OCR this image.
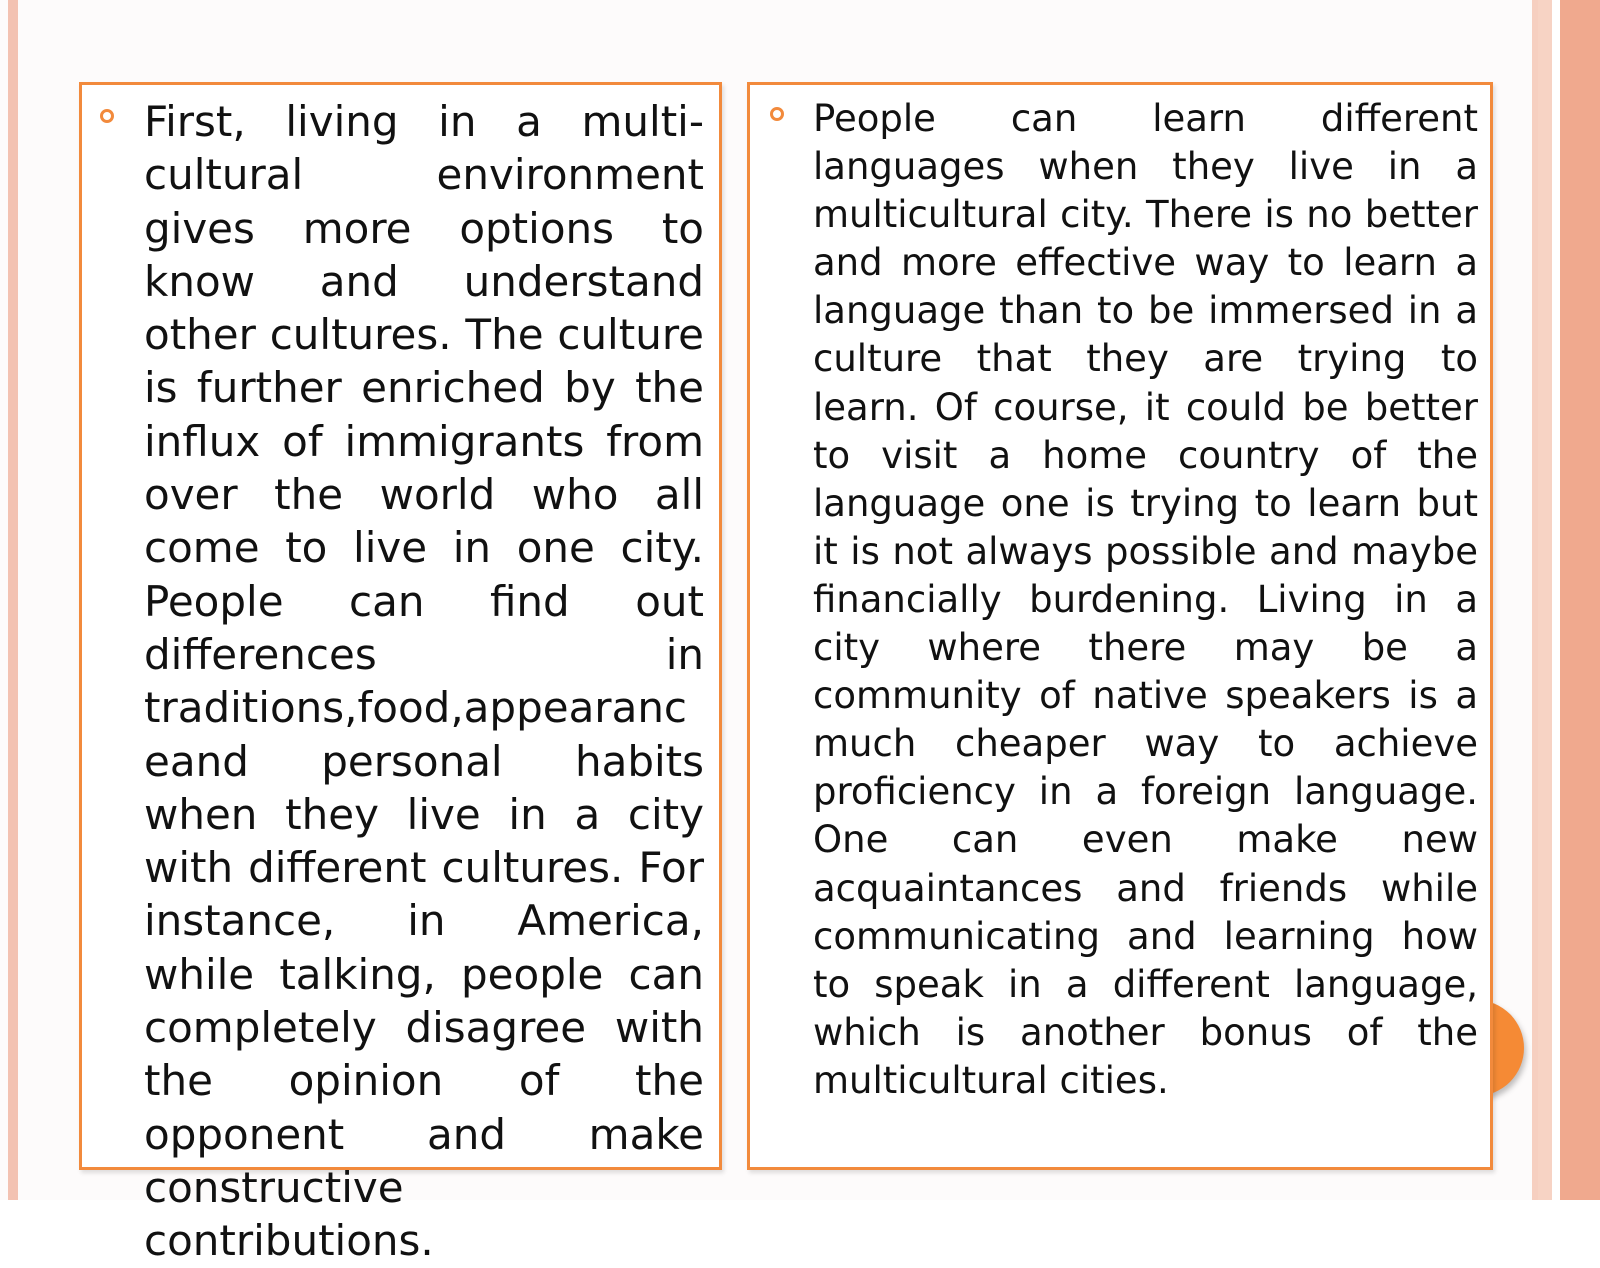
First, living in a multi-cultural environment gives more options to know and understand other cultures. The culture is further enriched by the influx of immigrants from over the world who all come to live in one city. People can find out differences in traditions,food,appearanc eand personal habits when they live in a city with different cultures. For instance, in America, while talking, people can completely disagree with the opinion of the opponent and make constructive contributions.

People can learn different languages when they live in a multicultural city. There is no better and more effective way to learn a language than to be immersed in a culture that they are trying to learn. Of course, it could be better to visit a home country of the language one is trying to learn but it is not always possible and maybe financially burdening. Living in a city where there may be a community of native speakers is a much cheaper way to achieve proficiency in a foreign language. One can even make new acquaintances and friends while communicating and learning how to speak in a different language, which is another bonus of the multicultural cities.
